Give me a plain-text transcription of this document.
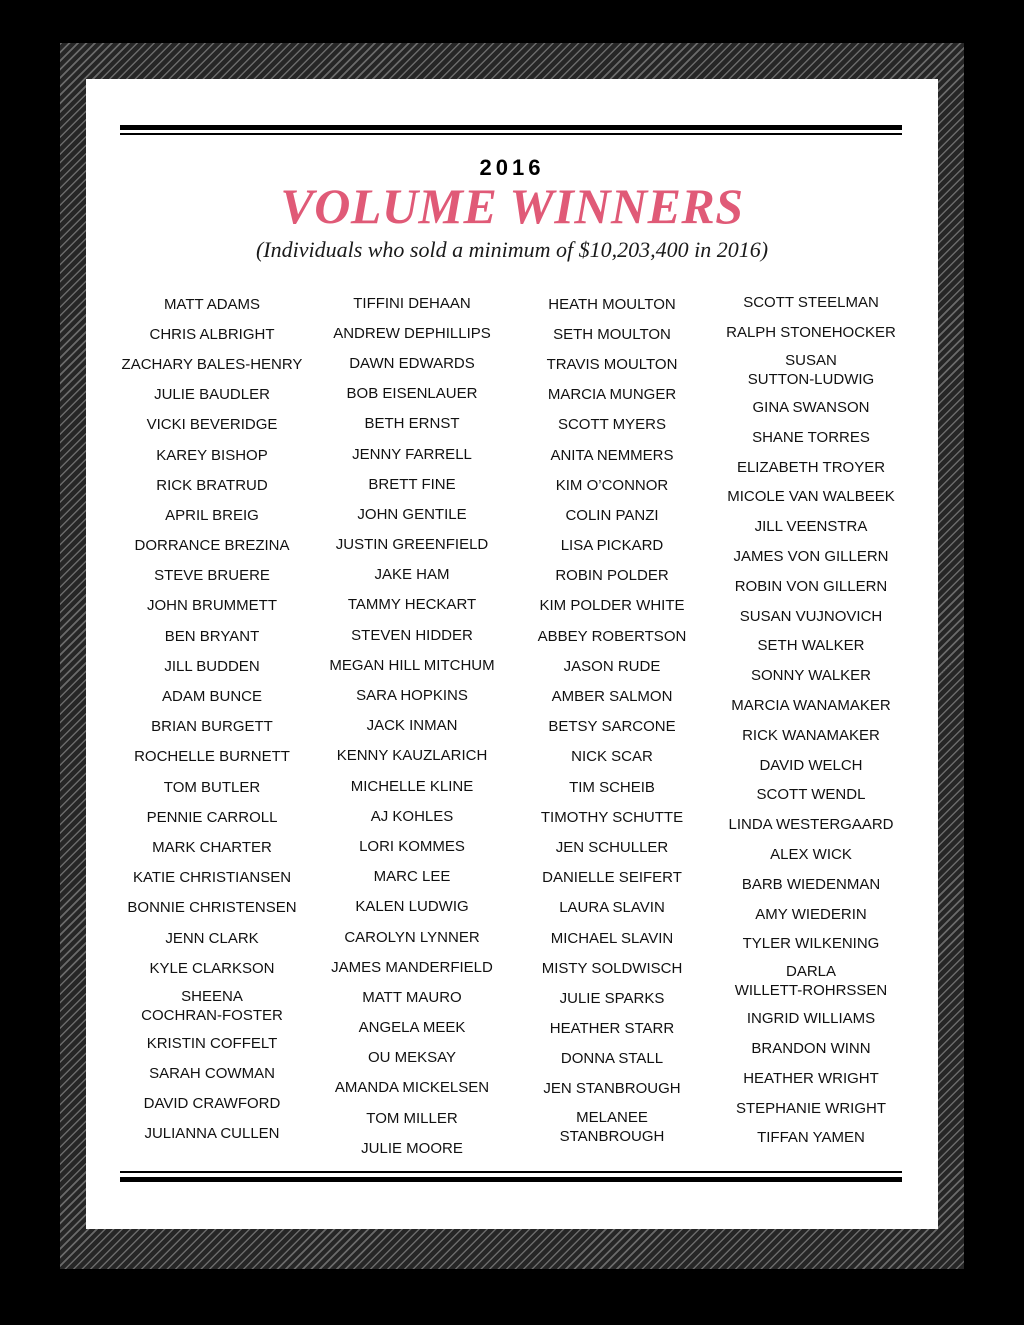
2016
VOLUME WINNERS
(Individuals who sold a minimum of $10,203,400 in 2016)
MATT ADAMS
CHRIS ALBRIGHT
ZACHARY BALES-HENRY
JULIE BAUDLER
VICKI BEVERIDGE
KAREY BISHOP
RICK BRATRUD
APRIL BREIG
DORRANCE BREZINA
STEVE BRUERE
JOHN BRUMMETT
BEN BRYANT
JILL BUDDEN
ADAM BUNCE
BRIAN BURGETT
ROCHELLE BURNETT
TOM BUTLER
PENNIE CARROLL
MARK CHARTER
KATIE CHRISTIANSEN
BONNIE CHRISTENSEN
JENN CLARK
KYLE CLARKSON
SHEENA
COCHRAN-FOSTER
KRISTIN COFFELT
SARAH COWMAN
DAVID CRAWFORD
JULIANNA CULLEN
TIFFINI DEHAAN
ANDREW DEPHILLIPS
DAWN EDWARDS
BOB EISENLAUER
BETH ERNST
JENNY FARRELL
BRETT FINE
JOHN GENTILE
JUSTIN GREENFIELD
JAKE HAM
TAMMY HECKART
STEVEN HIDDER
MEGAN HILL MITCHUM
SARA HOPKINS
JACK INMAN
KENNY KAUZLARICH
MICHELLE KLINE
AJ KOHLES
LORI KOMMES
MARC LEE
KALEN LUDWIG
CAROLYN LYNNER
JAMES MANDERFIELD
MATT MAURO
ANGELA MEEK
OU MEKSAY
AMANDA MICKELSEN
TOM MILLER
JULIE MOORE
HEATH MOULTON
SETH MOULTON
TRAVIS MOULTON
MARCIA MUNGER
SCOTT MYERS
ANITA NEMMERS
KIM O’CONNOR
COLIN PANZI
LISA PICKARD
ROBIN POLDER
KIM POLDER WHITE
ABBEY ROBERTSON
JASON RUDE
AMBER SALMON
BETSY SARCONE
NICK SCAR
TIM SCHEIB
TIMOTHY SCHUTTE
JEN SCHULLER
DANIELLE SEIFERT
LAURA SLAVIN
MICHAEL SLAVIN
MISTY SOLDWISCH
JULIE SPARKS
HEATHER STARR
DONNA STALL
JEN STANBROUGH
MELANEE
STANBROUGH
SCOTT STEELMAN
RALPH STONEHOCKER
SUSAN
SUTTON-LUDWIG
GINA SWANSON
SHANE TORRES
ELIZABETH TROYER
MICOLE VAN WALBEEK
JILL VEENSTRA
JAMES VON GILLERN
ROBIN VON GILLERN
SUSAN VUJNOVICH
SETH WALKER
SONNY WALKER
MARCIA WANAMAKER
RICK WANAMAKER
DAVID WELCH
SCOTT WENDL
LINDA WESTERGAARD
ALEX WICK
BARB WIEDENMAN
AMY WIEDERIN
TYLER WILKENING
DARLA
WILLETT-ROHRSSEN
INGRID WILLIAMS
BRANDON WINN
HEATHER WRIGHT
STEPHANIE WRIGHT
TIFFAN YAMEN
